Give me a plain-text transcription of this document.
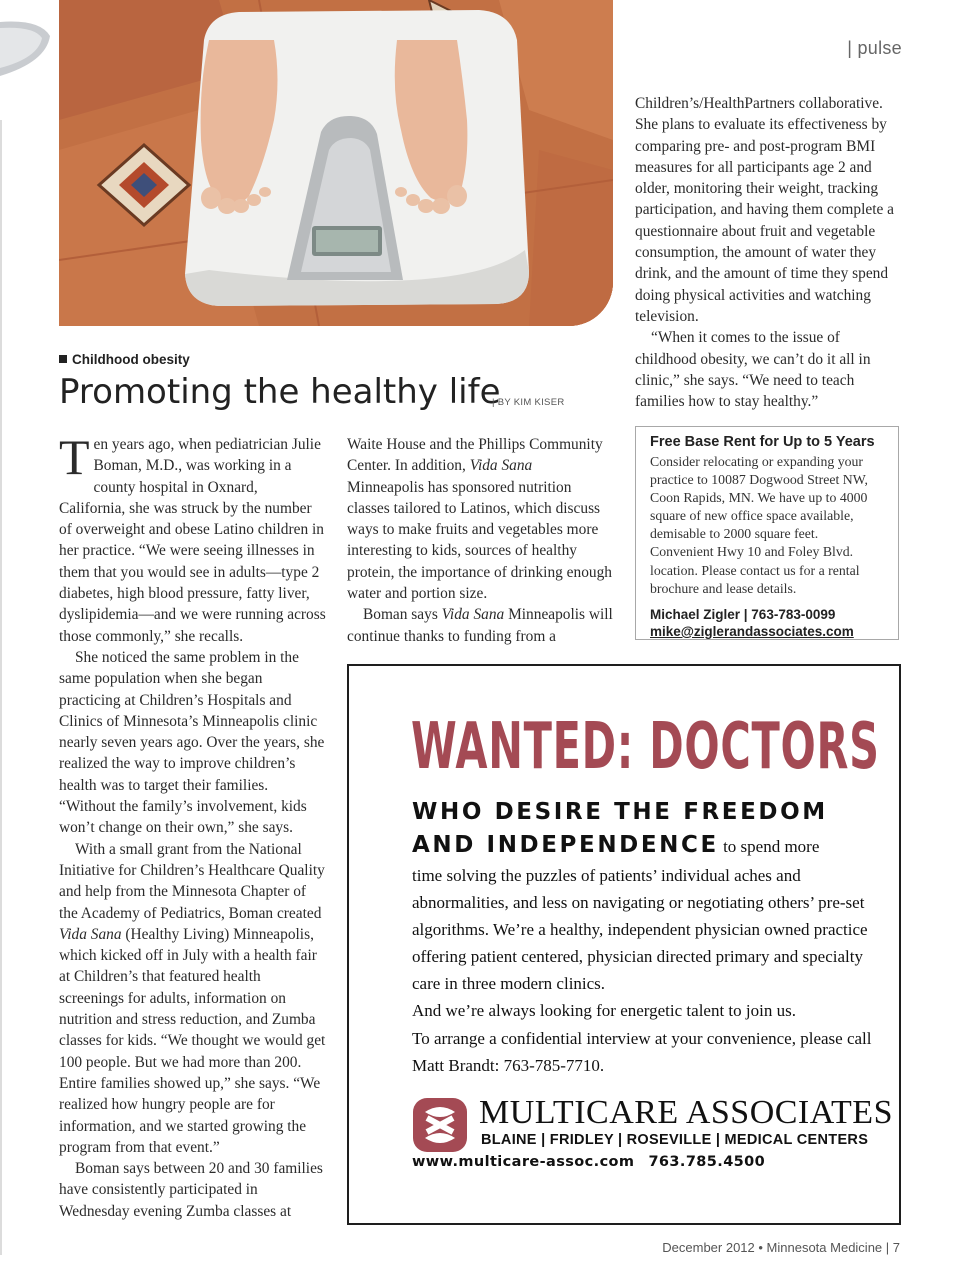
| pulse
Childhood obesity
Promoting the healthy life
| BY KIM KISER

Ten years ago, when pediatrician Julie Boman, M.D., was working in a county hospital in Oxnard, California, she was struck by the number of overweight and obese Latino children in her practice. “We were seeing illnesses in them that you would see in adults—type 2 diabetes, high blood pressure, fatty liver, dyslipidemia—and we were running across those commonly,” she recalls.

She noticed the same problem in the same population when she began practicing at Children’s Hospitals and Clinics of Minnesota’s Minneapolis clinic nearly seven years ago. Over the years, she realized the way to improve children’s health was to target their families. “Without the family’s involvement, kids won’t change on their own,” she says.

With a small grant from the National Initiative for Children’s Healthcare Quality and help from the Minnesota Chapter of the Academy of Pediatrics, Boman created Vida Sana (Healthy Living) Minneapolis, which kicked off in July with a health fair at Children’s that featured health screenings for adults, information on nutrition and stress reduction, and Zumba classes for kids. “We thought we would get 100 people. But we had more than 200. Entire families showed up,” she says. “We realized how hungry people are for information, and we started growing the program from that event.”

Boman says between 20 and 30 families have consistently participated in Wednesday evening Zumba classes at

Waite House and the Phillips Community Center. In addition, Vida Sana Minneapolis has sponsored nutrition classes tailored to Latinos, which discuss ways to make fruits and vegetables more interesting to kids, sources of healthy protein, the importance of drinking enough water and portion size.

Boman says Vida Sana Minneapolis will continue thanks to funding from a

Children’s/HealthPartners collaborative. She plans to evaluate its effectiveness by comparing pre- and post-program BMI measures for all participants age 2 and older, monitoring their weight, tracking participation, and having them complete a questionnaire about fruit and vegetable consumption, the amount of water they drink, and the amount of time they spend doing physical activities and watching television.

“When it comes to the issue of childhood obesity, we can’t do it all in clinic,” she says. “We need to teach families how to stay healthy.”

Free Base Rent for Up to 5 Years

Consider relocating or expanding your practice to 10087 Dogwood Street NW, Coon Rapids, MN. We have up to 4000 square of new office space available, demisable to 2000 square feet. Convenient Hwy 10 and Foley Blvd. location. Please contact us for a rental brochure and lease details.

Michael Zigler | 763-783-0099

mike@ziglerandassociates.com

WANTED: DOCTORS
WHO DESIRE THE FREEDOM
AND INDEPENDENCE to spend more

time solving the puzzles of patients’ individual aches and abnormalities, and less on navigating or negotiating others’ pre-set algorithms. We’re a healthy, independent physician owned practice offering patient centered, physician directed primary and specialty care in three modern clinics.

And we’re always looking for energetic talent to join us.

To arrange a confidential interview at your convenience, please call Matt Brandt: 763-785-7710.

MULTICARE ASSOCIATES
BLAINE | FRIDLEY | ROSEVILLE | MEDICAL CENTERS
www.multicare-assoc.com 763.785.4500
December 2012 • Minnesota Medicine | 7
